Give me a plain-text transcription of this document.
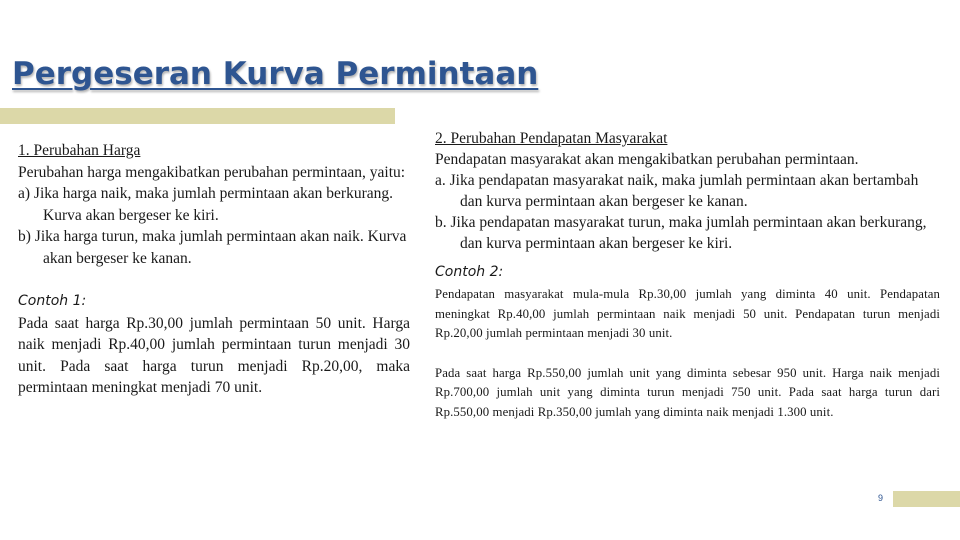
Pergeseran Kurva Permintaan
1. Perubahan Harga
Perubahan harga mengakibatkan perubahan permintaan, yaitu:
a) Jika harga naik, maka jumlah permintaan akan berkurang. Kurva akan bergeser ke kiri.
b) Jika harga turun, maka jumlah permintaan akan naik. Kurva akan bergeser ke kanan.
Contoh 1:
Pada saat harga Rp.30,00 jumlah permintaan 50 unit. Harga naik menjadi Rp.40,00 jumlah permintaan turun menjadi 30 unit. Pada saat harga turun menjadi Rp.20,00, maka permintaan meningkat menjadi 70 unit.
2. Perubahan Pendapatan Masyarakat
Pendapatan masyarakat akan mengakibatkan perubahan permintaan.
a. Jika pendapatan masyarakat naik, maka jumlah permintaan akan bertambah dan kurva permintaan akan bergeser ke kanan.
b. Jika pendapatan masyarakat turun, maka jumlah permintaan akan berkurang, dan kurva permintaan akan bergeser ke kiri.
Contoh 2:
Pendapatan masyarakat mula-mula Rp.30,00 jumlah yang diminta 40 unit. Pendapatan meningkat Rp.40,00 jumlah permintaan naik menjadi 50 unit. Pendapatan turun menjadi Rp.20,00 jumlah permintaan menjadi 30 unit.
Pada saat harga Rp.550,00 jumlah unit yang diminta sebesar 950 unit. Harga naik menjadi Rp.700,00 jumlah unit yang diminta turun menjadi 750 unit. Pada saat harga turun dari Rp.550,00 menjadi Rp.350,00 jumlah yang diminta naik menjadi 1.300 unit.
9
